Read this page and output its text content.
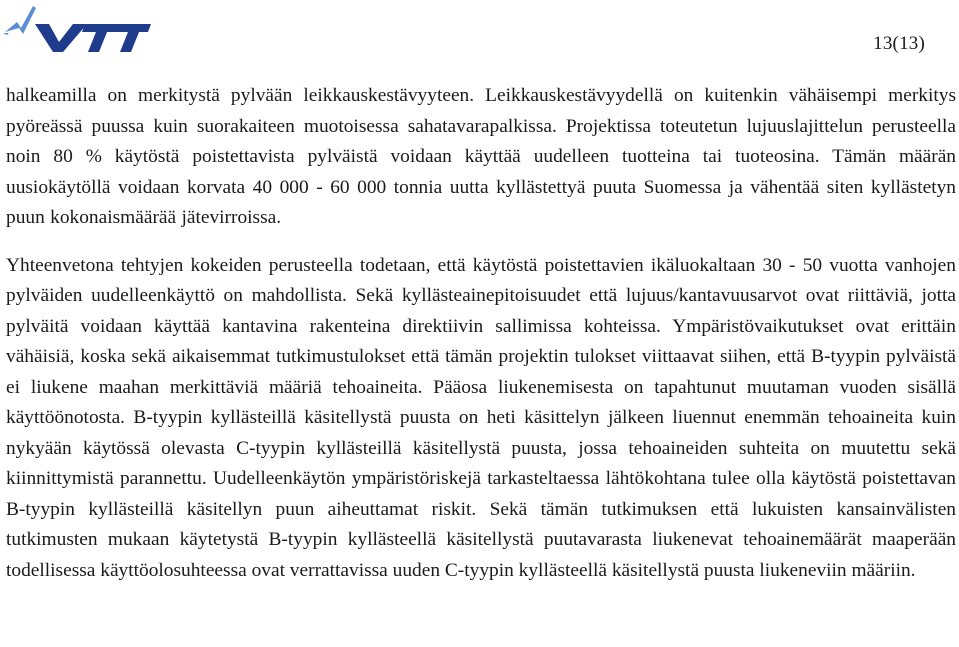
13(13)

halkeamilla on merkitystä pylvään leikkauskestävyyteen. Leikkauskestävyydellä on kuitenkin vähäisempi merkitys pyöreässä puussa kuin suorakaiteen muotoisessa sahatavarapalkissa. Projektissa toteutetun lujuuslajittelun perusteella noin 80 % käytöstä poistettavista pylväistä voidaan käyttää uudelleen tuotteina tai tuoteosina. Tämän määrän uusiokäytöllä voidaan korvata 40 000 - 60 000 tonnia uutta kyllästettyä puuta Suomessa ja vähentää siten kyllästetyn puun kokonaismäärää jätevirroissa.

Yhteenvetona tehtyjen kokeiden perusteella todetaan, että käytöstä poistettavien ikäluokaltaan 30 - 50 vuotta vanhojen pylväiden uudelleenkäyttö on mahdollista. Sekä kyllästeainepitoisuudet että lujuus/kantavuusarvot ovat riittäviä, jotta pylväitä voidaan käyttää kantavina rakenteina direktiivin sallimissa kohteissa. Ympäristövaikutukset ovat erittäin vähäisiä, koska sekä aikaisemmat tutkimustulokset että tämän projektin tulokset viittaavat siihen, että B-tyypin pylväistä ei liukene maahan merkittäviä määriä tehoaineita. Pääosa liukenemisesta on tapahtunut muutaman vuoden sisällä käyttöönotosta. B-tyypin kyllästeillä käsitellystä puusta on heti käsittelyn jälkeen liuennut enemmän tehoaineita kuin nykyään käytössä olevasta C-tyypin kyllästeillä käsitellystä puusta, jossa tehoaineiden suhteita on muutettu sekä kiinnittymistä parannettu. Uudelleenkäytön ympäristöriskejä tarkasteltaessa lähtökohtana tulee olla käytöstä poistettavan B-tyypin kyllästeillä käsitellyn puun aiheuttamat riskit. Sekä tämän tutkimuksen että lukuisten kansainvälisten tutkimusten mukaan käytetystä B-tyypin kyllästeellä käsitellystä puutavarasta liukenevat tehoainemäärät maaperään todellisessa käyttöolosuhteessa ovat verrattavissa uuden C-tyypin kyllästeellä käsitellystä puusta liukeneviin määriin.
